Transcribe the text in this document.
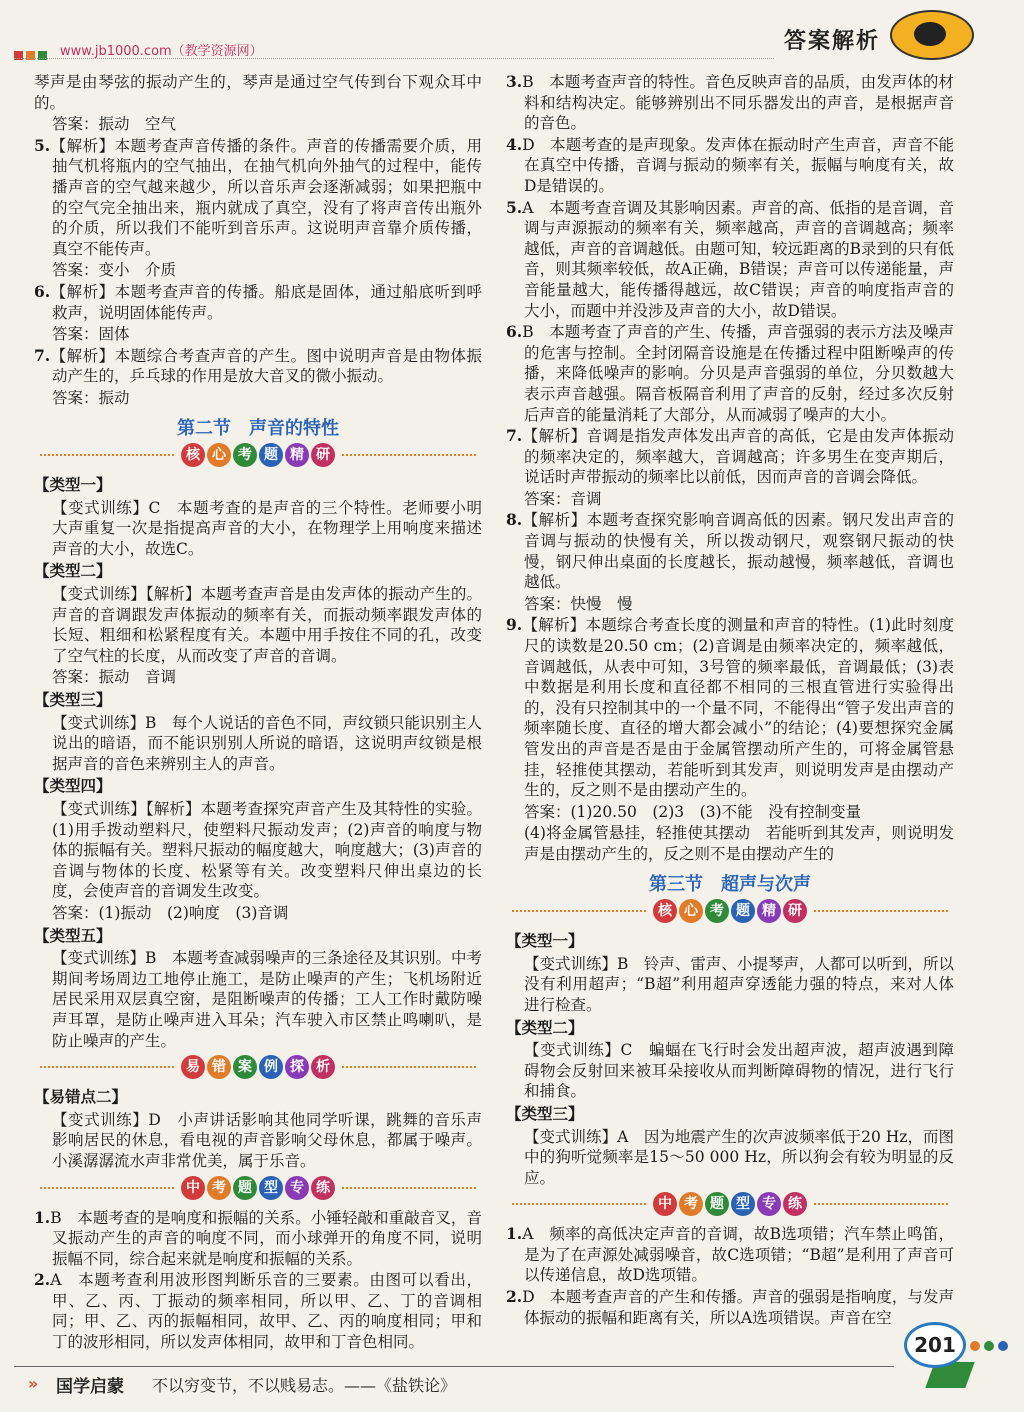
www.jb1000.com（教学资源网）	答案解析
琴声是由琴弦的振动产生的，琴声是通过空气传到台下观众耳中的。
答案：振动　空气
5.【解析】本题考查声音传播的条件。声音的传播需要介质，用抽气机将瓶内的空气抽出，在抽气机向外抽气的过程中，能传播声音的空气越来越少，所以音乐声会逐渐减弱；如果把瓶中的空气完全抽出来，瓶内就成了真空，没有了将声音传出瓶外的介质，所以我们不能听到音乐声。这说明声音靠介质传播，真空不能传声。
答案：变小　介质
6.【解析】本题考查声音的传播。船底是固体，通过船底听到呼救声，说明固体能传声。
答案：固体
7.【解析】本题综合考查声音的产生。图中说明声音是由物体振动产生的，乒乓球的作用是放大音叉的微小振动。
答案：振动
第二节　声音的特性
核 心 考 题 精 研
【类型一】
【变式训练】C　本题考查的是声音的三个特性。老师要小明大声重复一次是指提高声音的大小，在物理学上用响度来描述声音的大小，故选C。
【类型二】
【变式训练】【解析】本题考查声音是由发声体的振动产生的。声音的音调跟发声体振动的频率有关，而振动频率跟发声体的长短、粗细和松紧程度有关。本题中用手按住不同的孔，改变了空气柱的长度，从而改变了声音的音调。
答案：振动　音调
【类型三】
【变式训练】B　每个人说话的音色不同，声纹锁只能识别主人说出的暗语，而不能识别别人所说的暗语，这说明声纹锁是根据声音的音色来辨别主人的声音。
【类型四】
【变式训练】【解析】本题考查探究声音产生及其特性的实验。(1)用手拨动塑料尺，使塑料尺振动发声；(2)声音的响度与物体的振幅有关。塑料尺振动的幅度越大，响度越大；(3)声音的音调与物体的长度、松紧等有关。改变塑料尺伸出桌边的长度，会使声音的音调发生改变。
答案：(1)振动　(2)响度　(3)音调
【类型五】
【变式训练】B　本题考查减弱噪声的三条途径及其识别。中考期间考场周边工地停止施工，是防止噪声的产生；飞机场附近居民采用双层真空窗，是阻断噪声的传播；工人工作时戴防噪声耳罩，是防止噪声进入耳朵；汽车驶入市区禁止鸣喇叭，是防止噪声的产生。
易 错 案 例 探 析
【易错点二】
【变式训练】D　小声讲话影响其他同学听课，跳舞的音乐声影响居民的休息，看电视的声音影响父母休息，都属于噪声。小溪潺潺流水声非常优美，属于乐音。
中 考 题 型 专 练
1.B　本题考查的是响度和振幅的关系。小锤轻敲和重敲音叉，音叉振动产生的声音的响度不同，而小球弹开的角度不同，说明振幅不同，综合起来就是响度和振幅的关系。
2.A　本题考查利用波形图判断乐音的三要素。由图可以看出，甲、乙、丙、丁振动的频率相同，所以甲、乙、丁的音调相同；甲、乙、丙的振幅相同，故甲、乙、丙的响度相同；甲和丁的波形相同，所以发声体相同，故甲和丁音色相同。
3.B　本题考查声音的特性。音色反映声音的品质，由发声体的材料和结构决定。能够辨别出不同乐器发出的声音，是根据声音的音色。
4.D　本题考查的是声现象。发声体在振动时产生声音，声音不能在真空中传播，音调与振动的频率有关，振幅与响度有关，故D是错误的。
5.A　本题考查音调及其影响因素。声音的高、低指的是音调，音调与声源振动的频率有关，频率越高，声音的音调越高；频率越低，声音的音调越低。由题可知，较远距离的B录到的只有低音，则其频率较低，故A正确，B错误；声音可以传递能量，声音能量越大，能传播得越远，故C错误；声音的响度指声音的大小，而题中并没涉及声音的大小，故D错误。
6.B　本题考查了声音的产生、传播，声音强弱的表示方法及噪声的危害与控制。全封闭隔音设施是在传播过程中阻断噪声的传播，来降低噪声的影响。分贝是声音强弱的单位，分贝数越大表示声音越强。隔音板隔音利用了声音的反射，经过多次反射后声音的能量消耗了大部分，从而减弱了噪声的大小。
7.【解析】音调是指发声体发出声音的高低，它是由发声体振动的频率决定的，频率越大，音调越高；许多男生在变声期后，说话时声带振动的频率比以前低，因而声音的音调会降低。
答案：音调
8.【解析】本题考查探究影响音调高低的因素。钢尺发出声音的音调与振动的快慢有关，所以拨动钢尺，观察钢尺振动的快慢，钢尺伸出桌面的长度越长，振动越慢，频率越低，音调也越低。
答案：快慢　慢
9.【解析】本题综合考查长度的测量和声音的特性。(1)此时刻度尺的读数是20.50 cm；(2)音调是由频率决定的，频率越低，音调越低，从表中可知，3号管的频率最低，音调最低；(3)表中数据是利用长度和直径都不相同的三根直管进行实验得出的，没有只控制其中的一个量不同，不能得出“管子发出声音的频率随长度、直径的增大都会减小”的结论；(4)要想探究金属管发出的声音是否是由于金属管摆动所产生的，可将金属管悬挂，轻推使其摆动，若能听到其发声，则说明发声是由摆动产生的，反之则不是由摆动产生的。
答案：(1)20.50　(2)3　(3)不能　没有控制变量
(4)将金属管悬挂，轻推使其摆动　若能听到其发声，则说明发声是由摆动产生的，反之则不是由摆动产生的
第三节　超声与次声
核 心 考 题 精 研
【类型一】
【变式训练】B　铃声、雷声、小提琴声，人都可以听到，所以没有利用超声；“B超”利用超声穿透能力强的特点，来对人体进行检查。
【类型二】
【变式训练】C　蝙蝠在飞行时会发出超声波，超声波遇到障碍物会反射回来被耳朵接收从而判断障碍物的情况，进行飞行和捕食。
【类型三】
【变式训练】A　因为地震产生的次声波频率低于20 Hz，而图中的狗听觉频率是15～50 000 Hz，所以狗会有较为明显的反应。
中 考 题 型 专 练
1.A　频率的高低决定声音的音调，故B选项错；汽车禁止鸣笛，是为了在声源处减弱噪音，故C选项错；“B超”是利用了声音可以传递信息，故D选项错。
2.D　本题考查声音的产生和传播。声音的强弱是指响度，与发声体振动的振幅和距离有关，所以A选项错误。声音在空
» 国学启蒙 不以穷变节，不以贱易志。——《盐铁论》
201
